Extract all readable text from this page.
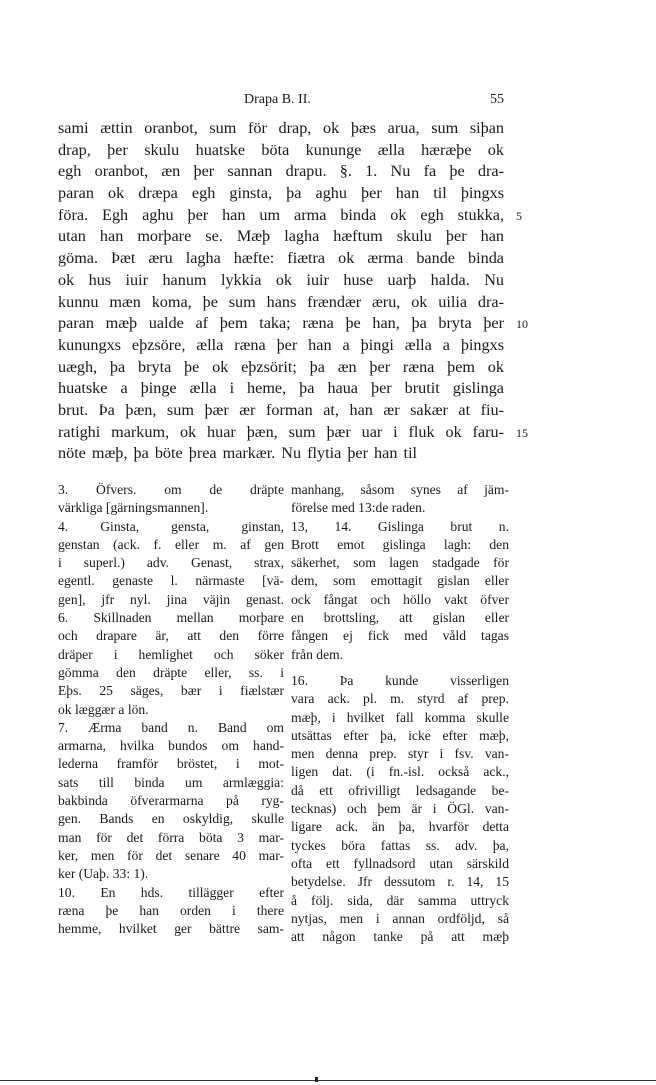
Drapa B. II.	55
sami ættin oranbot, sum för drap, ok þæs arua, sum siþan
drap, þer skulu huatske böta kununge ælla hæræþe ok
egh oranbot, æn þer sannan drapu. §. 1. Nu fa þe dra-
paran ok dræpa egh ginsta, þa aghu þer han til þingxs
föra. Egh aghu þer han um arma binda ok egh stukka, 5
utan han morþare se. Mæþ lagha hæftum skulu þer han
göma. Þæt æru lagha hæfte: fiætra ok ærma bande binda
ok hus iuir hanum lykkia ok iuir huse uarþ halda. Nu
kunnu mæn koma, þe sum hans frændær æru, ok uilia dra-
paran mæþ ualde af þem taka; ræna þe han, þa bryta þer 10
kunungxs eþzsöre, ælla ræna þer han a þingi ælla a þingxs
uægh, þa bryta þe ok eþzsörit; þa æn þer ræna þem ok
huatske a þinge ælla i heme, þa haua þer brutit gislinga
brut. Þa þæn, sum þær ær forman at, han ær sakær at fiu-
ratighi markum, ok huar þæn, sum þær uar i fluk ok faru- 15
nöte mæþ, þa böte þrea markær. Nu flytia þer han til
3. Öfvers. om de dräpte
värkliga [gärningsmannen].
4. Ginsta, gensta, ginstan,
genstan (ack. f. eller m. af gen
i superl.) adv. Genast, strax,
egentl. genaste l. närmaste [vä-
gen], jfr nyl. jina väjin genast.
6. Skillnaden mellan morþare
och drapare är, att den förre
dräper i hemlighet och söker
gömma den dräpte eller, ss. i
Eþs. 25 säges, bær i fiælstær
ok læggær a lön.
7. Ærma band n. Band om
armarna, hvilka bundos om hand-
lederna framför bröstet, i mot-
sats till binda um armlæggia:
bakbinda öfverarmarna på ryg-
gen. Bands en oskyldig, skulle
man för det förra böta 3 mar-
ker, men för det senare 40 mar-
ker (Uaþ. 33: 1).
10. En hds. tillägger efter
ræna þe han orden i there
hemme, hvilket ger bättre sam-
manhang, såsom synes af jäm-
förelse med 13:de raden.
13, 14. Gislinga brut n.
Brott emot gislinga lagh: den
säkerhet, som lagen stadgade för
dem, som emottagit gislan eller
ock fångat och höllo vakt öfver
en brottsling, att gislan eller
fången ej fick med våld tagas
från dem.
16. Þa kunde visserligen
vara ack. pl. m. styrd af prep.
mæþ, i hvilket fall komma skulle
utsättas efter þa, icke efter mæþ,
men denna prep. styr i fsv. van-
ligen dat. (i fn.-isl. också ack.,
då ett ofrivilligt ledsagande be-
tecknas) och þem är i ÖGl. van-
ligare ack. än þa, hvarför detta
tyckes böra fattas ss. adv. þa,
ofta ett fyllnadsord utan särskild
betydelse. Jfr dessutom r. 14, 15
å följ. sida, där samma uttryck
nytjas, men i annan ordföljd, så
att någon tanke på att mæþ
